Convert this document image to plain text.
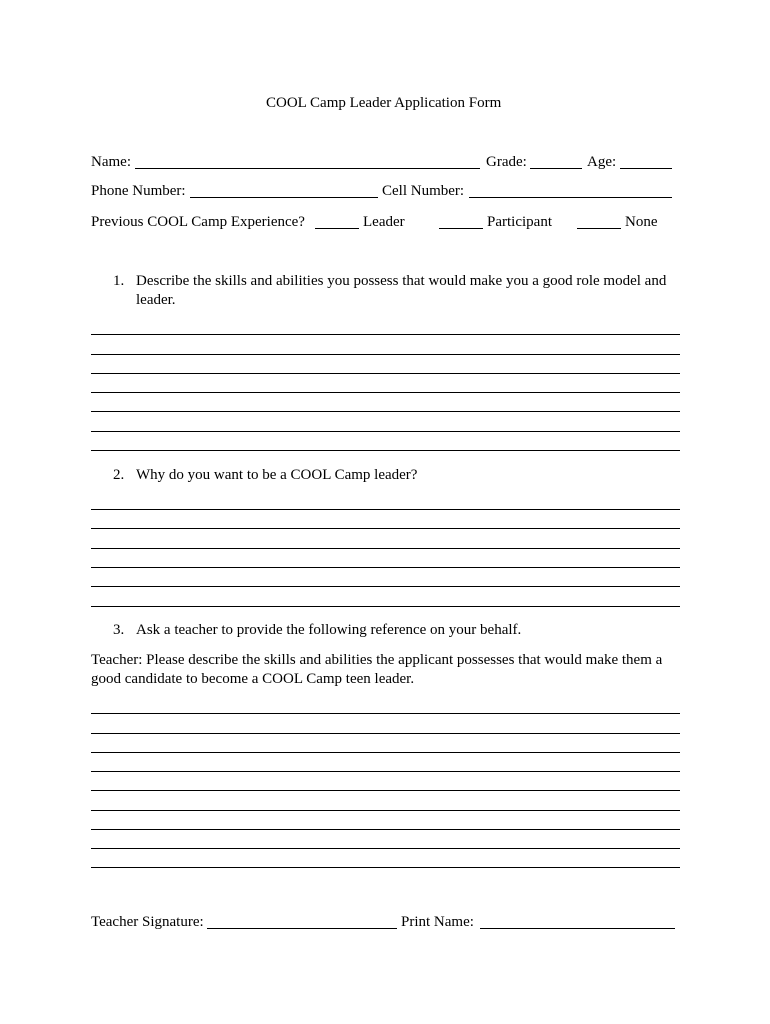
COOL Camp Leader Application Form
Name:	Grade:	Age:
Phone Number:	Cell Number:
Previous COOL Camp Experience?	Leader	Participant	None
1. Describe the skills and abilities you possess that would make you a good role model and
leader.
2. Why do you want to be a COOL Camp leader?
3. Ask a teacher to provide the following reference on your behalf.
Teacher: Please describe the skills and abilities the applicant possesses that would make them a
good candidate to become a COOL Camp teen leader.
Teacher Signature:	Print Name:
